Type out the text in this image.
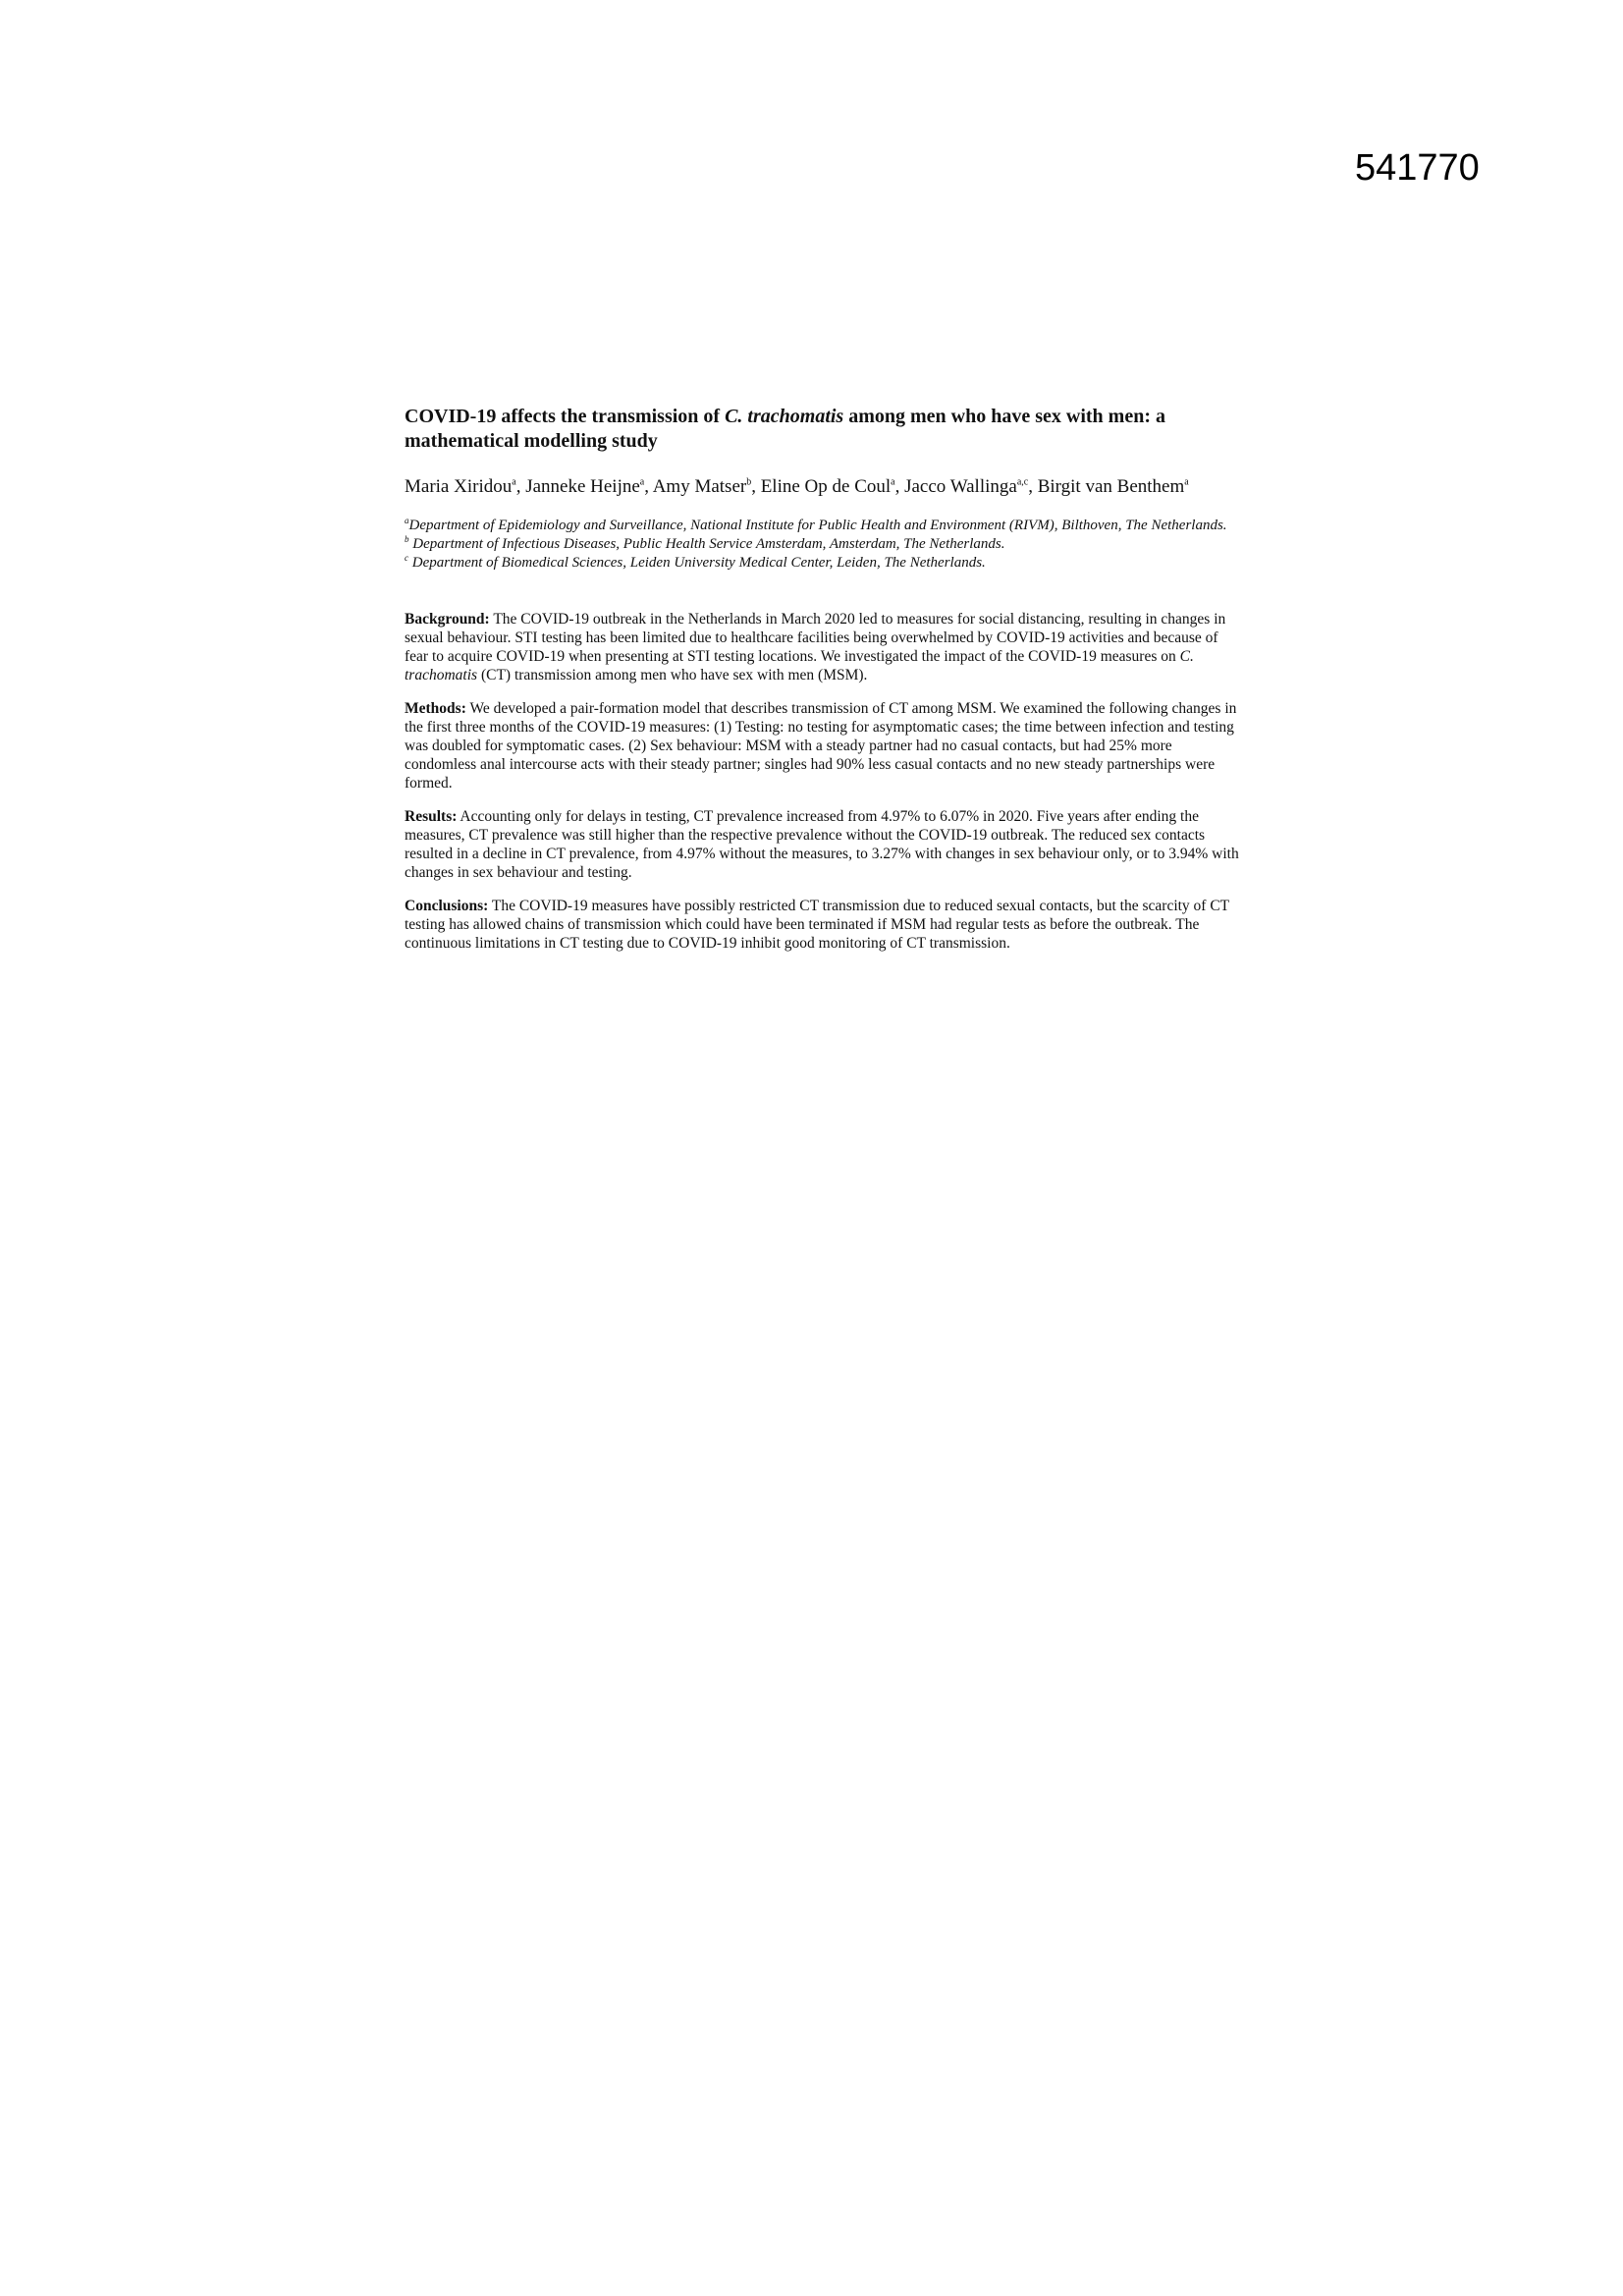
541770
COVID-19 affects the transmission of C. trachomatis among men who have sex with men: a mathematical modelling study
Maria Xiridou$^a$, Janneke Heijne$^a$, Amy Matser$^b$, Eline Op de Coul$^a$, Jacco Wallinga$^{a,c}$, Birgit van Benthem$^a$
$^a$Department of Epidemiology and Surveillance, National Institute for Public Health and Environment (RIVM), Bilthoven, The Netherlands.
$^b$ Department of Infectious Diseases, Public Health Service Amsterdam, Amsterdam, The Netherlands.
$^c$ Department of Biomedical Sciences, Leiden University Medical Center, Leiden, The Netherlands.
Background: The COVID-19 outbreak in the Netherlands in March 2020 led to measures for social distancing, resulting in changes in sexual behaviour. STI testing has been limited due to healthcare facilities being overwhelmed by COVID-19 activities and because of fear to acquire COVID-19 when presenting at STI testing locations. We investigated the impact of the COVID-19 measures on C. trachomatis (CT) transmission among men who have sex with men (MSM).
Methods: We developed a pair-formation model that describes transmission of CT among MSM. We examined the following changes in the first three months of the COVID-19 measures: (1) Testing: no testing for asymptomatic cases; the time between infection and testing was doubled for symptomatic cases. (2) Sex behaviour: MSM with a steady partner had no casual contacts, but had 25% more condomless anal intercourse acts with their steady partner; singles had 90% less casual contacts and no new steady partnerships were formed.
Results: Accounting only for delays in testing, CT prevalence increased from 4.97% to 6.07% in 2020. Five years after ending the measures, CT prevalence was still higher than the respective prevalence without the COVID-19 outbreak. The reduced sex contacts resulted in a decline in CT prevalence, from 4.97% without the measures, to 3.27% with changes in sex behaviour only, or to 3.94% with changes in sex behaviour and testing.
Conclusions: The COVID-19 measures have possibly restricted CT transmission due to reduced sexual contacts, but the scarcity of CT testing has allowed chains of transmission which could have been terminated if MSM had regular tests as before the outbreak. The continuous limitations in CT testing due to COVID-19 inhibit good monitoring of CT transmission.
